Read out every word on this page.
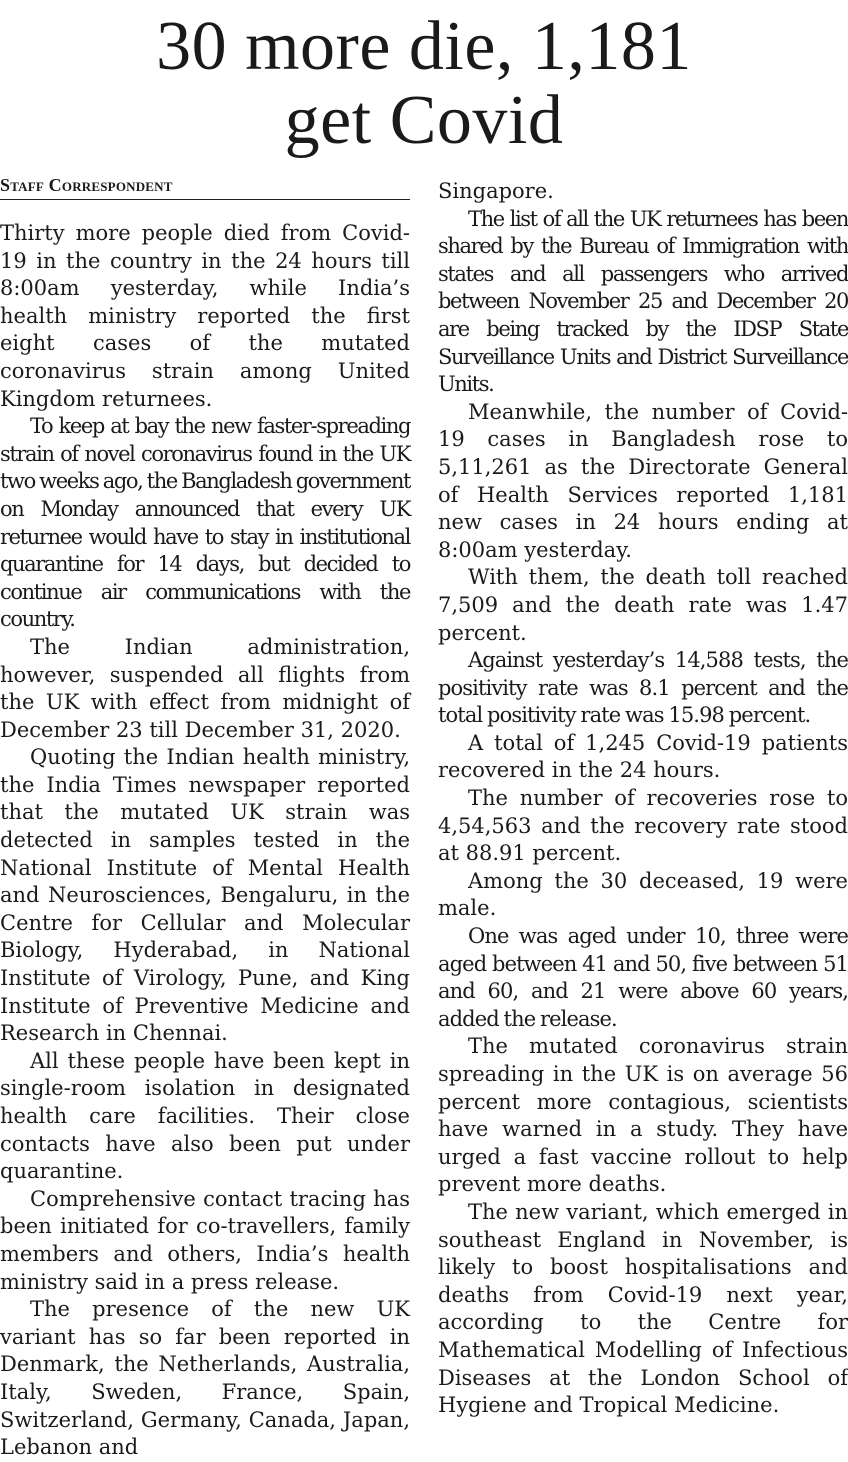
30 more die, 1,181
get Covid
Staff Correspondent

Thirty more people died from Covid-19 in the country in the 24 hours till 8:00am yesterday, while India’s health ministry reported the first eight cases of the mutated coronavirus strain among United Kingdom returnees.

To keep at bay the new faster-spreading strain of novel coronavirus found in the UK two weeks ago, the Bangladesh government on Monday announced that every UK returnee would have to stay in institutional quarantine for 14 days, but decided to continue air communications with the country.

The Indian administration, however, suspended all flights from the UK with effect from midnight of December 23 till December 31, 2020.

Quoting the Indian health ministry, the India Times newspaper reported that the mutated UK strain was detected in samples tested in the National Institute of Mental Health and Neurosciences, Bengaluru, in the Centre for Cellular and Molecular Biology, Hyderabad, in National Institute of Virology, Pune, and King Institute of Preventive Medicine and Research in Chennai.

All these people have been kept in single-room isolation in designated health care facilities. Their close contacts have also been put under quarantine.

Comprehensive contact tracing has been initiated for co-travellers, family members and others, India’s health ministry said in a press release.

The presence of the new UK variant has so far been reported in Denmark, the Netherlands, Australia, Italy, Sweden, France, Spain, Switzerland, Germany, Canada, Japan, Lebanon and

Singapore.

The list of all the UK returnees has been shared by the Bureau of Immigration with states and all passengers who arrived between November 25 and December 20 are being tracked by the IDSP State Surveillance Units and District Surveillance Units.

Meanwhile, the number of Covid-19 cases in Bangladesh rose to 5,11,261 as the Directorate General of Health Services reported 1,181 new cases in 24 hours ending at 8:00am yesterday.

With them, the death toll reached 7,509 and the death rate was 1.47 percent.

Against yesterday’s 14,588 tests, the positivity rate was 8.1 percent and the total positivity rate was 15.98 percent.

A total of 1,245 Covid-19 patients recovered in the 24 hours.

The number of recoveries rose to 4,54,563 and the recovery rate stood at 88.91 percent.

Among the 30 deceased, 19 were male.

One was aged under 10, three were aged between 41 and 50, five between 51 and 60, and 21 were above 60 years, added the release.

The mutated coronavirus strain spreading in the UK is on average 56 percent more contagious, scientists have warned in a study. They have urged a fast vaccine rollout to help prevent more deaths.

The new variant, which emerged in southeast England in November, is likely to boost hospitalisations and deaths from Covid-19 next year, according to the Centre for Mathematical Modelling of Infectious Diseases at the London School of Hygiene and Tropical Medicine.
